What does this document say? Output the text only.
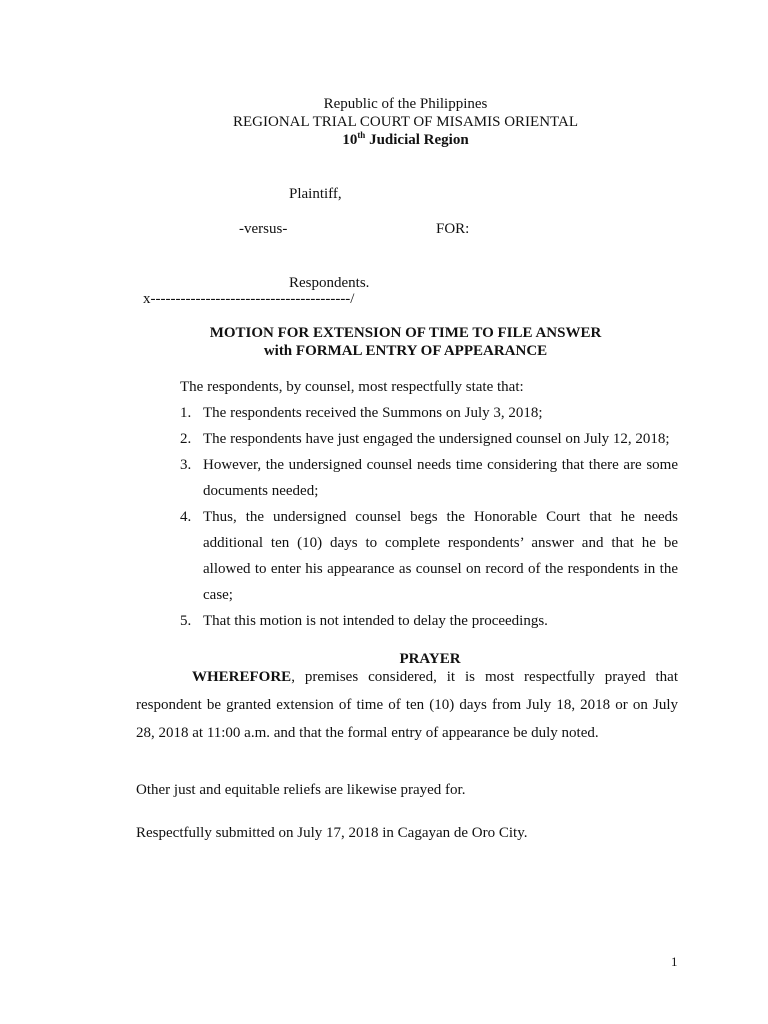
Republic of the Philippines
REGIONAL TRIAL COURT OF MISAMIS ORIENTAL
10th Judicial Region
Plaintiff,
-versus-	FOR:
Respondents.
x----------------------------------------/
MOTION FOR EXTENSION OF TIME TO FILE ANSWER
with FORMAL ENTRY OF APPEARANCE
The respondents, by counsel, most respectfully state that:
1. The respondents received the Summons on July 3, 2018;
2. The respondents have just engaged the undersigned counsel on July 12, 2018;
3. However, the undersigned counsel needs time considering that there are some documents needed;
4. Thus, the undersigned counsel begs the Honorable Court that he needs additional ten (10) days to complete respondents’ answer and that he be allowed to enter his appearance as counsel on record of the respondents in the case;
5. That this motion is not intended to delay the proceedings.
PRAYER
WHEREFORE, premises considered, it is most respectfully prayed that respondent be granted extension of time of ten (10) days from July 18, 2018 or on July 28, 2018 at 11:00 a.m. and that the formal entry of appearance be duly noted.
Other just and equitable reliefs are likewise prayed for.
Respectfully submitted on July 17, 2018 in Cagayan de Oro City.
1
